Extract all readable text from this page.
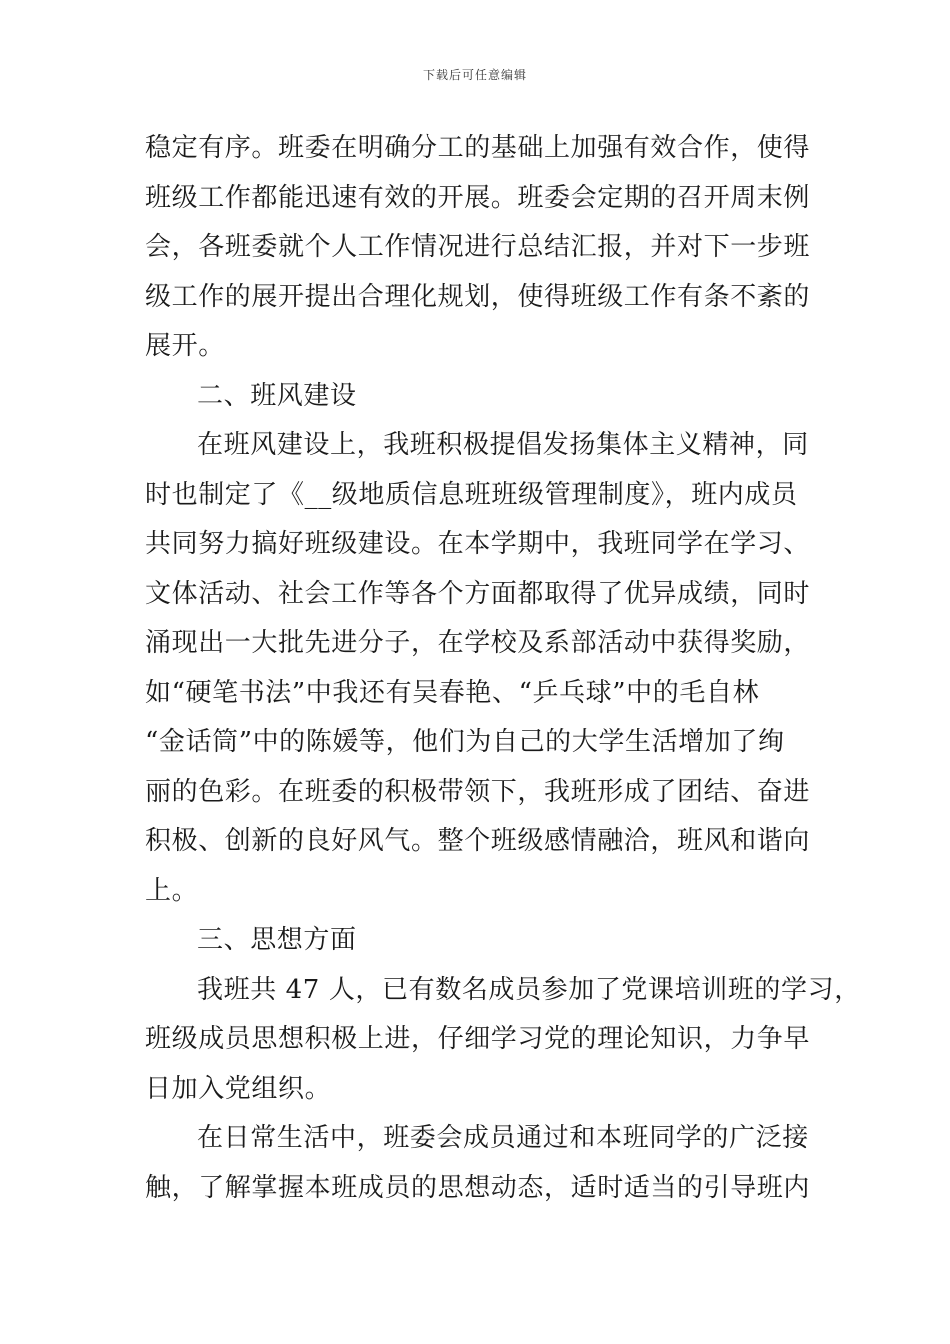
下载后可任意编辑
稳定有序。班委在明确分工的基础上加强有效合作，使得
班级工作都能迅速有效的开展。班委会定期的召开周末例
会，各班委就个人工作情况进行总结汇报，并对下一步班
级工作的展开提出合理化规划，使得班级工作有条不紊的
展开。
二、班风建设
在班风建设上，我班积极提倡发扬集体主义精神，同
时也制定了《__级地质信息班班级管理制度》，班内成员
共同努力搞好班级建设。在本学期中，我班同学在学习、
文体活动、社会工作等各个方面都取得了优异成绩，同时
涌现出一大批先进分子，在学校及系部活动中获得奖励，
如“硬笔书法”中我还有吴春艳、“乒乓球”中的毛自林
“金话筒”中的陈媛等，他们为自己的大学生活增加了绚
丽的色彩。在班委的积极带领下，我班形成了团结、奋进
积极、创新的良好风气。整个班级感情融洽，班风和谐向
上。
三、思想方面
我班共 47 人，已有数名成员参加了党课培训班的学习，
班级成员思想积极上进，仔细学习党的理论知识，力争早
日加入党组织。
在日常生活中，班委会成员通过和本班同学的广泛接
触，了解掌握本班成员的思想动态，适时适当的引导班内
